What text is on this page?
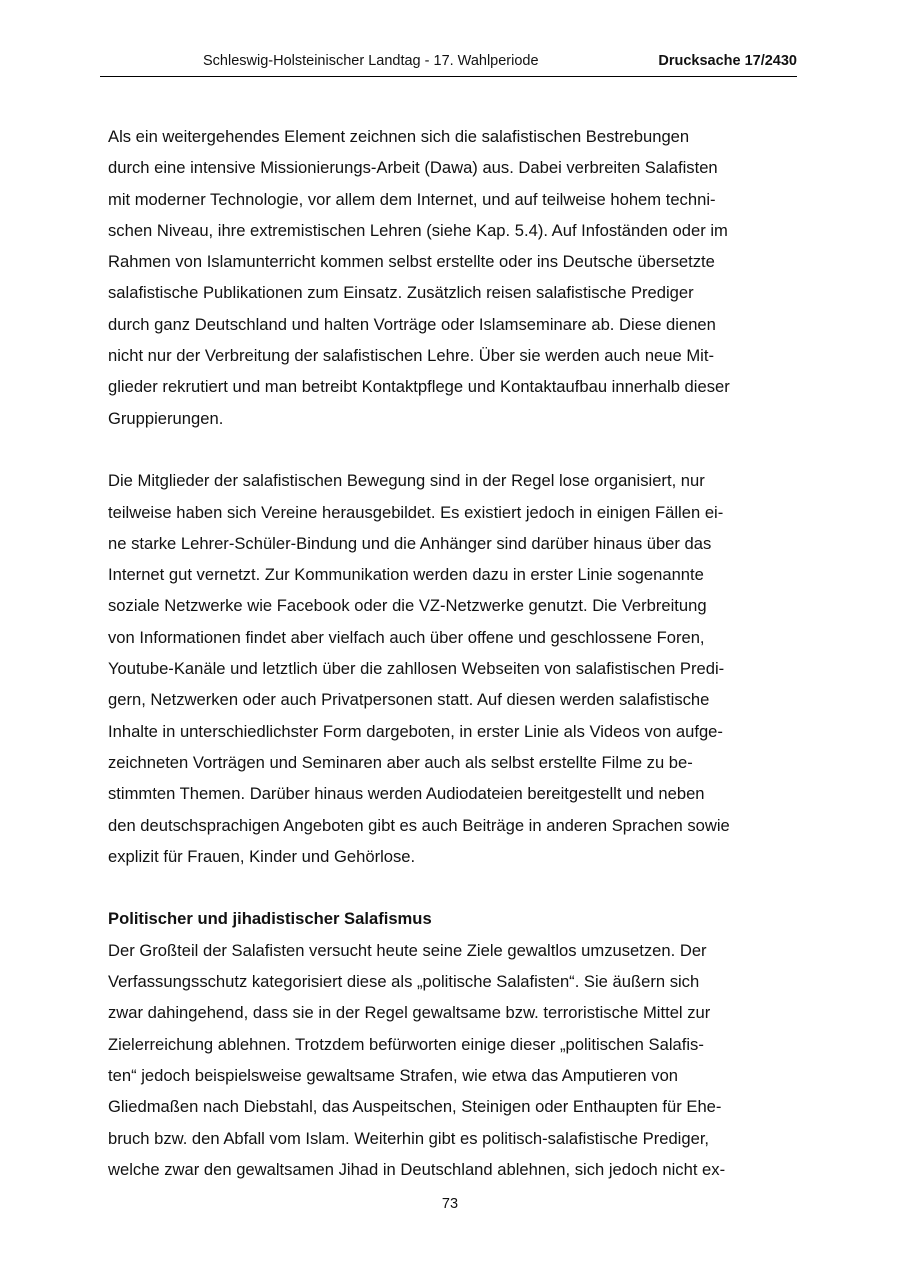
Schleswig-Holsteinischer Landtag - 17. Wahlperiode	Drucksache 17/2430
Als ein weitergehendes Element zeichnen sich die salafistischen Bestrebungen
durch eine intensive Missionierungs-Arbeit (Dawa) aus. Dabei verbreiten Salafisten
mit moderner Technologie, vor allem dem Internet, und auf teilweise hohem techni-
schen Niveau, ihre extremistischen Lehren (siehe Kap. 5.4). Auf Infoständen oder im
Rahmen von Islamunterricht kommen selbst erstellte oder ins Deutsche übersetzte
salafistische Publikationen zum Einsatz. Zusätzlich reisen salafistische Prediger
durch ganz Deutschland und halten Vorträge oder Islamseminare ab. Diese dienen
nicht nur der Verbreitung der salafistischen Lehre. Über sie werden auch neue Mit-
glieder rekrutiert und man betreibt Kontaktpflege und Kontaktaufbau innerhalb dieser
Gruppierungen.
Die Mitglieder der salafistischen Bewegung sind in der Regel lose organisiert, nur
teilweise haben sich Vereine herausgebildet. Es existiert jedoch in einigen Fällen ei-
ne starke Lehrer-Schüler-Bindung und die Anhänger sind darüber hinaus über das
Internet gut vernetzt. Zur Kommunikation werden dazu in erster Linie sogenannte
soziale Netzwerke wie Facebook oder die VZ-Netzwerke genutzt. Die Verbreitung
von Informationen findet aber vielfach auch über offene und geschlossene Foren,
Youtube-Kanäle und letztlich über die zahllosen Webseiten von salafistischen Predi-
gern, Netzwerken oder auch Privatpersonen statt. Auf diesen werden salafistische
Inhalte in unterschiedlichster Form dargeboten, in erster Linie als Videos von aufge-
zeichneten Vorträgen und Seminaren aber auch als selbst erstellte Filme zu be-
stimmten Themen. Darüber hinaus werden Audiodateien bereitgestellt und neben
den deutschsprachigen Angeboten gibt es auch Beiträge in anderen Sprachen sowie
explizit für Frauen, Kinder und Gehörlose.
Politischer und jihadistischer Salafismus
Der Großteil der Salafisten versucht heute seine Ziele gewaltlos umzusetzen. Der
Verfassungsschutz kategorisiert diese als „politische Salafisten“. Sie äußern sich
zwar dahingehend, dass sie in der Regel gewaltsame bzw. terroristische Mittel zur
Zielerreichung ablehnen. Trotzdem befürworten einige dieser „politischen Salafis-
ten“ jedoch beispielsweise gewaltsame Strafen, wie etwa das Amputieren von
Gliedmaßen nach Diebstahl, das Auspeitschen, Steinigen oder Enthaupten für Ehe-
bruch bzw. den Abfall vom Islam. Weiterhin gibt es politisch-salafistische Prediger,
welche zwar den gewaltsamen Jihad in Deutschland ablehnen, sich jedoch nicht ex-
73
